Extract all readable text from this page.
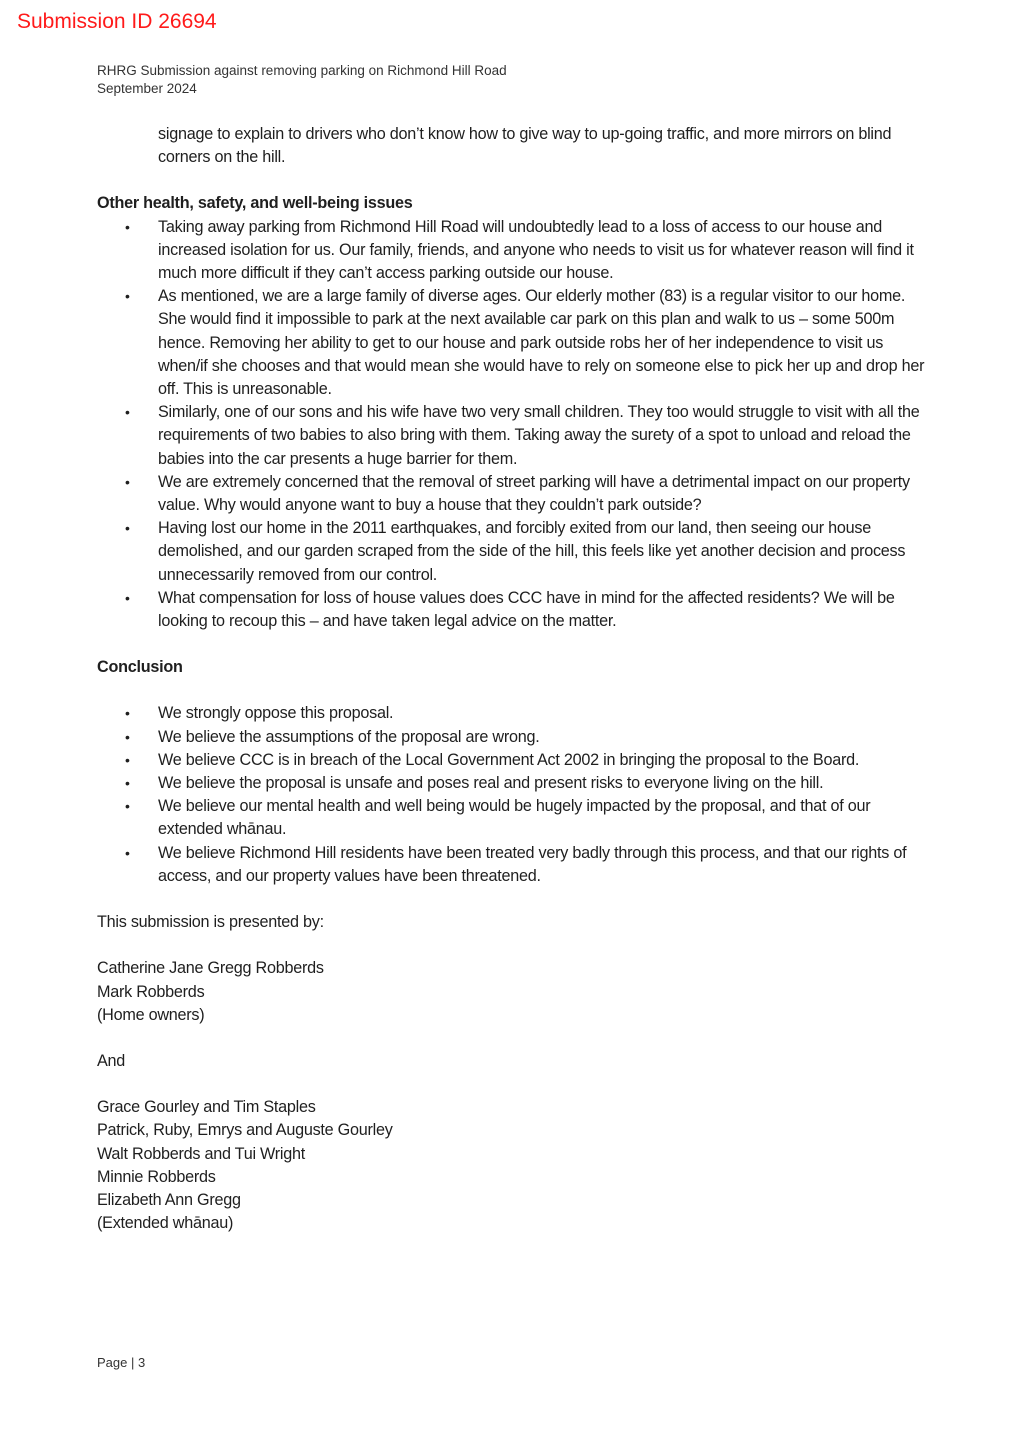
Submission ID 26694
RHRG Submission against removing parking on Richmond Hill Road
September 2024

signage to explain to drivers who don’t know how to give way to up-going traffic, and more mirrors on blind corners on the hill.

Other health, safety, and well-being issues

• Taking away parking from Richmond Hill Road will undoubtedly lead to a loss of access to our house and increased isolation for us. Our family, friends, and anyone who needs to visit us for whatever reason will find it much more difficult if they can’t access parking outside our house.
• As mentioned, we are a large family of diverse ages. Our elderly mother (83) is a regular visitor to our home. She would find it impossible to park at the next available car park on this plan and walk to us – some 500m hence. Removing her ability to get to our house and park outside robs her of her independence to visit us when/if she chooses and that would mean she would have to rely on someone else to pick her up and drop her off. This is unreasonable.
• Similarly, one of our sons and his wife have two very small children. They too would struggle to visit with all the requirements of two babies to also bring with them. Taking away the surety of a spot to unload and reload the babies into the car presents a huge barrier for them.
• We are extremely concerned that the removal of street parking will have a detrimental impact on our property value. Why would anyone want to buy a house that they couldn’t park outside?
• Having lost our home in the 2011 earthquakes, and forcibly exited from our land, then seeing our house demolished, and our garden scraped from the side of the hill, this feels like yet another decision and process unnecessarily removed from our control.
• What compensation for loss of house values does CCC have in mind for the affected residents? We will be looking to recoup this – and have taken legal advice on the matter.

Conclusion

• We strongly oppose this proposal.
• We believe the assumptions of the proposal are wrong.
• We believe CCC is in breach of the Local Government Act 2002 in bringing the proposal to the Board.
• We believe the proposal is unsafe and poses real and present risks to everyone living on the hill.
• We believe our mental health and well being would be hugely impacted by the proposal, and that of our extended whānau.
• We believe Richmond Hill residents have been treated very badly through this process, and that our rights of access, and our property values have been threatened.

This submission is presented by:

Catherine Jane Gregg Robberds

Mark Robberds

(Home owners)

And

Grace Gourley and Tim Staples

Patrick, Ruby, Emrys and Auguste Gourley

Walt Robberds and Tui Wright

Minnie Robberds

Elizabeth Ann Gregg

(Extended whānau)

Page | 3
